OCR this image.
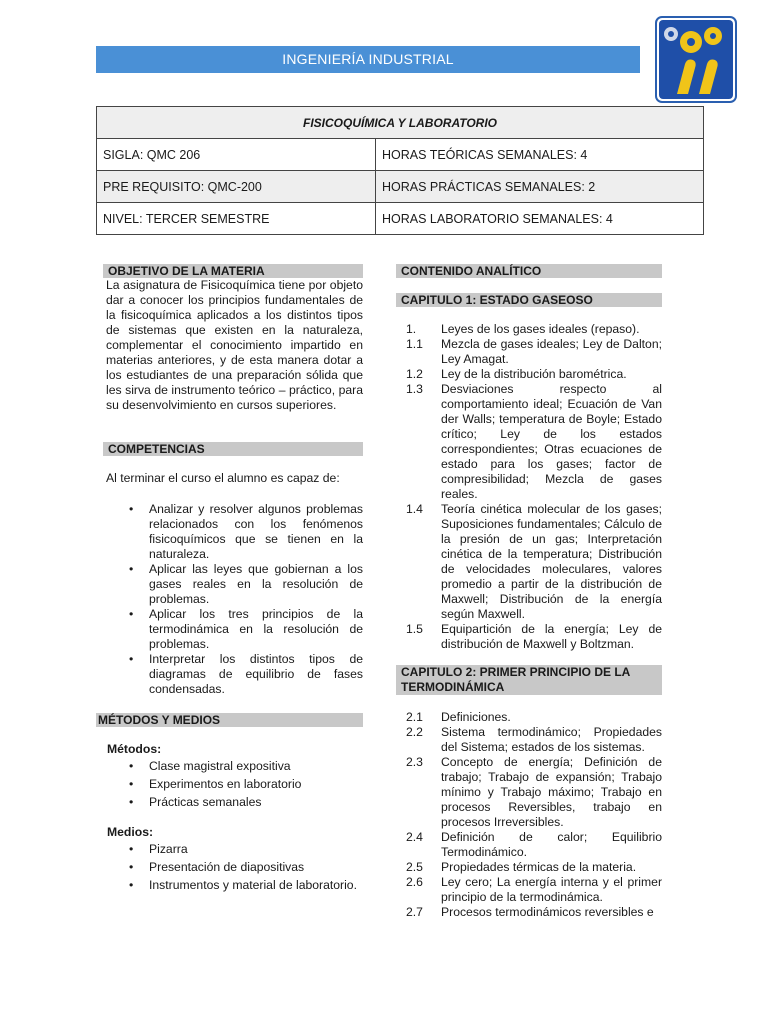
INGENIERÍA INDUSTRIAL
FISICOQUÍMICA Y LABORATORIO	
SIGLA: QMC 206	HORAS TEÓRICAS SEMANALES: 4
PRE REQUISITO: QMC-200	HORAS PRÁCTICAS SEMANALES: 2
NIVEL: TERCER SEMESTRE	HORAS LABORATORIO SEMANALES: 4
OBJETIVO DE LA MATERIA
La asignatura de Fisicoquímica tiene por objeto dar a conocer los principios fundamentales de la fisicoquímica aplicados a los distintos tipos de sistemas que existen en la naturaleza, complementar el conocimiento impartido en materias anteriores, y de esta manera dotar a los estudiantes de una preparación sólida que les sirva de instrumento teórico – práctico, para su desenvolvimiento en cursos superiores.
COMPETENCIAS
Al terminar el curso el alumno es capaz de:
• Analizar y resolver algunos problemas relacionados con los fenómenos fisicoquímicos que se tienen en la naturaleza.
• Aplicar las leyes que gobiernan a los gases reales en la resolución de problemas.
• Aplicar los tres principios de la termodinámica en la resolución de problemas.
• Interpretar los distintos tipos de diagramas de equilibrio de fases condensadas.
MÉTODOS Y MEDIOS
Métodos:
• Clase magistral expositiva
• Experimentos en laboratorio
• Prácticas semanales
Medios:
• Pizarra
• Presentación de diapositivas
• Instrumentos y material de laboratorio.
CONTENIDO ANALÍTICO
CAPITULO 1: ESTADO GASEOSO
1. Leyes de los gases ideales (repaso).
1.1 Mezcla de gases ideales; Ley de Dalton; Ley Amagat.
1.2 Ley de la distribución barométrica.
1.3 Desviaciones respecto al comportamiento ideal; Ecuación de Van der Walls; temperatura de Boyle; Estado crítico; Ley de los estados correspondientes; Otras ecuaciones de estado para los gases; factor de compresibilidad; Mezcla de gases reales.
1.4 Teoría cinética molecular de los gases; Suposiciones fundamentales; Cálculo de la presión de un gas; Interpretación cinética de la temperatura; Distribución de velocidades moleculares, valores promedio a partir de la distribución de Maxwell; Distribución de la energía según Maxwell.
1.5 Equipartición de la energía; Ley de distribución de Maxwell y Boltzman.
CAPITULO 2: PRIMER PRINCIPIO DE LA TERMODINÁMICA
2.1 Definiciones.
2.2 Sistema termodinámico; Propiedades del Sistema; estados de los sistemas.
2.3 Concepto de energía; Definición de trabajo; Trabajo de expansión; Trabajo mínimo y Trabajo máximo; Trabajo en procesos Reversibles, trabajo en procesos Irreversibles.
2.4 Definición de calor; Equilibrio Termodinámico.
2.5 Propiedades térmicas de la materia.
2.6 Ley cero; La energía interna y el primer principio de la termodinámica.
2.7 Procesos termodinámicos reversibles e
